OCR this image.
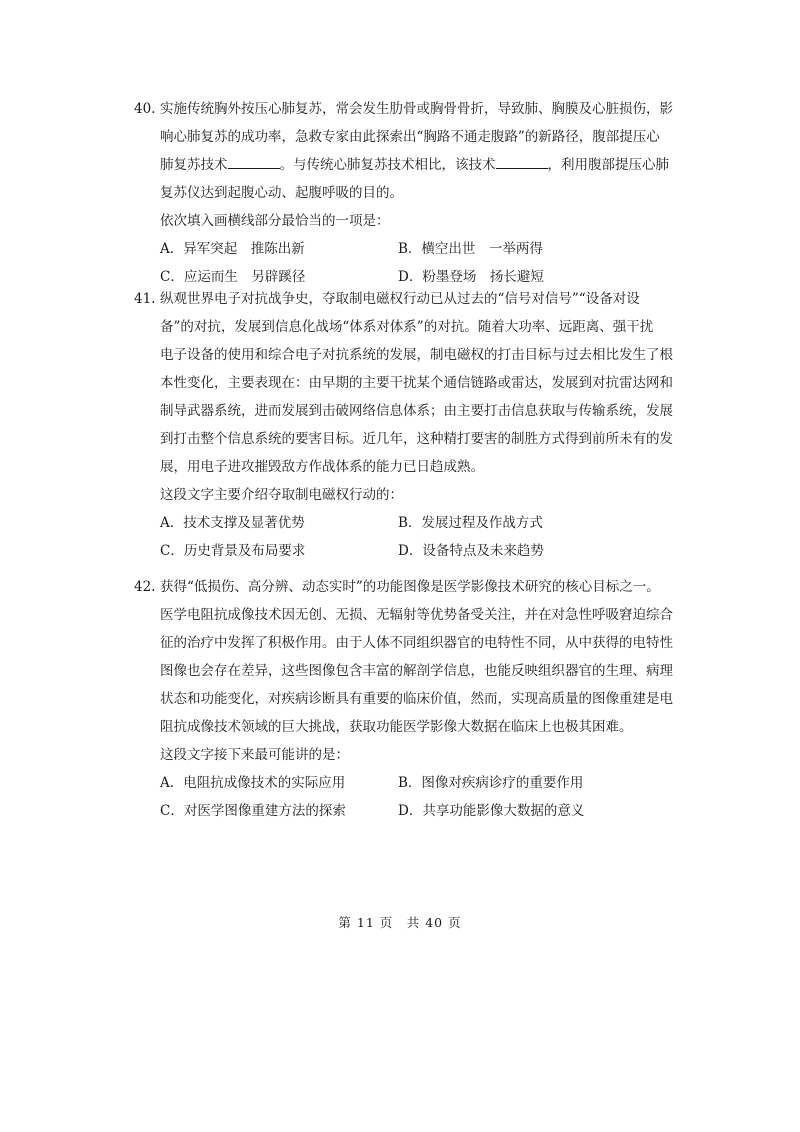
40. 实施传统胸外按压心肺复苏，常会发生肋骨或胸骨骨折，导致肺、胸膜及心脏损伤，影
响心肺复苏的成功率，急救专家由此探索出“胸路不通走腹路”的新路径，腹部提压心
肺复苏技术	。与传统心肺复苏技术相比，该技术	，利用腹部提压心肺
复苏仪达到起腹心动、起腹呼吸的目的。

依次填入画横线部分最恰当的一项是：

A．异军突起　推陈出新	B．横空出世　一举两得
C．应运而生　另辟蹊径	D．粉墨登场　扬长避短

41. 纵观世界电子对抗战争史，夺取制电磁权行动已从过去的“信号对信号”“设备对设
备”的对抗，发展到信息化战场“体系对体系”的对抗。随着大功率、远距离、强干扰
电子设备的使用和综合电子对抗系统的发展，制电磁权的打击目标与过去相比发生了根
本性变化，主要表现在：由早期的主要干扰某个通信链路或雷达，发展到对抗雷达网和
制导武器系统，进而发展到击破网络信息体系；由主要打击信息获取与传输系统，发展
到打击整个信息系统的要害目标。近几年，这种精打要害的制胜方式得到前所未有的发
展，用电子进攻摧毁敌方作战体系的能力已日趋成熟。

这段文字主要介绍夺取制电磁权行动的：

A．技术支撑及显著优势	B．发展过程及作战方式
C．历史背景及布局要求	D．设备特点及未来趋势

42. 获得“低损伤、高分辨、动态实时”的功能图像是医学影像技术研究的核心目标之一。
医学电阻抗成像技术因无创、无损、无辐射等优势备受关注，并在对急性呼吸窘迫综合
征的治疗中发挥了积极作用。由于人体不同组织器官的电特性不同，从中获得的电特性
图像也会存在差异，这些图像包含丰富的解剖学信息，也能反映组织器官的生理、病理
状态和功能变化，对疾病诊断具有重要的临床价值，然而，实现高质量的图像重建是电
阻抗成像技术领域的巨大挑战，获取功能医学影像大数据在临床上也极其困难。

这段文字接下来最可能讲的是：

A．电阻抗成像技术的实际应用	B．图像对疾病诊疗的重要作用
C．对医学图像重建方法的探索	D．共享功能影像大数据的意义
第 11 页　共 40 页
